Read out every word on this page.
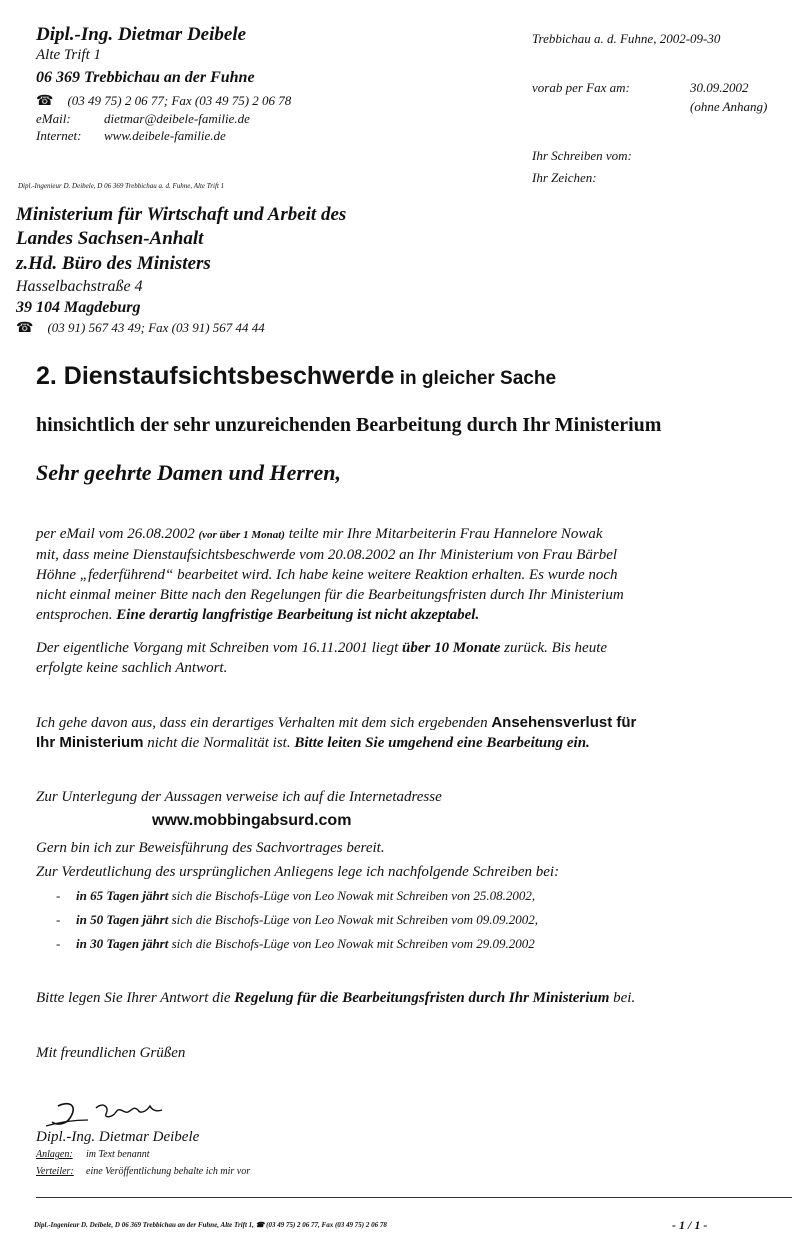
Dipl.-Ing. Dietmar Deibele
Alte Trift 1
06 369 Trebbichau an der Fuhne
☎ (03 49 75) 2 06 77; Fax (03 49 75) 2 06 78
eMail:	dietmar@deibele-familie.de
Internet: www.deibele-familie.de
Trebbichau a. d. Fuhne, 2002-09-30
vorab per Fax am:	30.09.2002
(ohne Anhang)
Ihr Schreiben vom:
Ihr Zeichen:
Dipl.-Ingenieur D. Deibele, D 06 369 Trebbichau a. d. Fuhne, Alte Trift 1
Ministerium für Wirtschaft und Arbeit des
Landes Sachsen-Anhalt
z.Hd. Büro des Ministers
Hasselbachstraße 4
39 104 Magdeburg
☎ (03 91) 567 43 49; Fax (03 91) 567 44 44
2. Dienstaufsichtsbeschwerde in gleicher Sache
hinsichtlich der sehr unzureichenden Bearbeitung durch Ihr Ministerium
Sehr geehrte Damen und Herren,
per eMail vom 26.08.2002 (vor über 1 Monat) teilte mir Ihre Mitarbeiterin Frau Hannelore Nowak
mit, dass meine Dienstaufsichtsbeschwerde vom 20.08.2002 an Ihr Ministerium von Frau Bärbel
Höhne „federführend“ bearbeitet wird. Ich habe keine weitere Reaktion erhalten. Es wurde noch
nicht einmal meiner Bitte nach den Regelungen für die Bearbeitungsfristen durch Ihr Ministerium
entsprochen. Eine derartig langfristige Bearbeitung ist nicht akzeptabel.
Der eigentliche Vorgang mit Schreiben vom 16.11.2001 liegt über 10 Monate zurück. Bis heute
erfolgte keine sachlich Antwort.
Ich gehe davon aus, dass ein derartiges Verhalten mit dem sich ergebenden Ansehensverlust für
Ihr Ministerium nicht die Normalität ist. Bitte leiten Sie umgehend eine Bearbeitung ein.
Zur Unterlegung der Aussagen verweise ich auf die Internetadresse
www.mobbingabsurd.com
Gern bin ich zur Beweisführung des Sachvortrages bereit.
Zur Verdeutlichung des ursprünglichen Anliegens lege ich nachfolgende Schreiben bei:
- in 65 Tagen jährt sich die Bischofs-Lüge von Leo Nowak mit Schreiben von 25.08.2002,
- in 50 Tagen jährt sich die Bischofs-Lüge von Leo Nowak mit Schreiben vom 09.09.2002,
- in 30 Tagen jährt sich die Bischofs-Lüge von Leo Nowak mit Schreiben vom 29.09.2002
Bitte legen Sie Ihrer Antwort die Regelung für die Bearbeitungsfristen durch Ihr Ministerium bei.
Mit freundlichen Grüßen
Dipl.-Ing. Dietmar Deibele
Anlagen: im Text benannt
Verteiler: eine Veröffentlichung behalte ich mir vor
Dipl.-Ingenieur D. Deibele, D 06 369 Trebbichau an der Fuhne, Alte Trift 1, ☎ (03 49 75) 2 06 77, Fax (03 49 75) 2 06 78	- 1 / 1 -
